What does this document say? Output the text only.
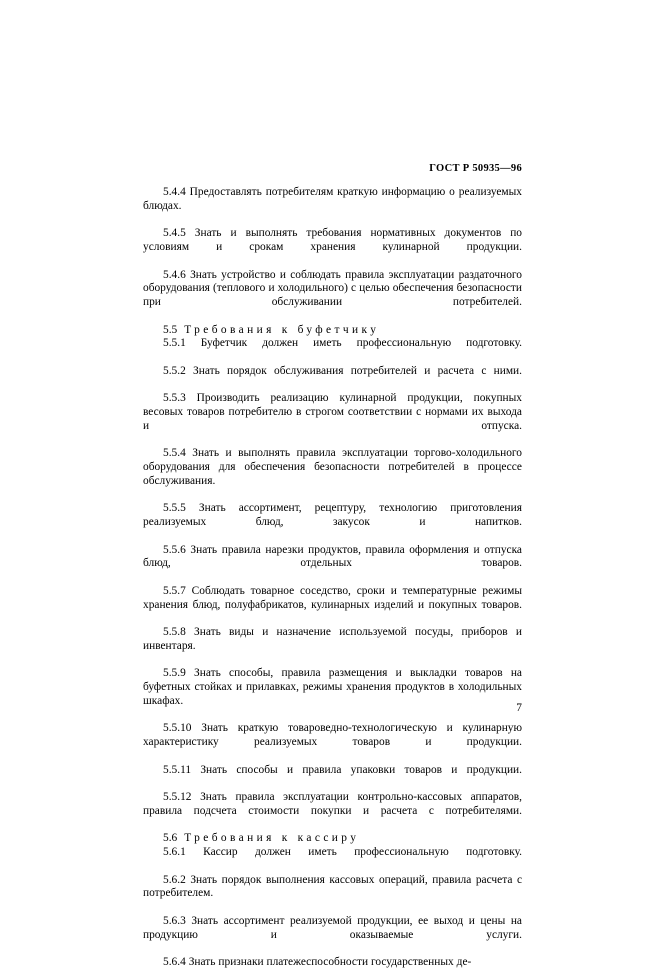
ГОСТ Р 50935—96

5.4.4 Предоставлять потребителям краткую информацию о реализуемых блюдах.

5.4.5 Знать и выполнять требования нормативных документов по условиям и срокам хранения кулинарной продукции.

5.4.6 Знать устройство и соблюдать правила эксплуатации раздаточного оборудования (теплового и холодильного) с целью обеспечения безопасности при обслуживании потребителей.

5.5 Требования к буфетчику

5.5.1 Буфетчик должен иметь профессиональную подготовку.

5.5.2 Знать порядок обслуживания потребителей и расчета с ними.

5.5.3 Производить реализацию кулинарной продукции, покупных весовых товаров потребителю в строгом соответствии с нормами их выхода и отпуска.

5.5.4 Знать и выполнять правила эксплуатации торгово-холодильного оборудования для обеспечения безопасности потребителей в процессе обслуживания.

5.5.5 Знать ассортимент, рецептуру, технологию приготовления реализуемых блюд, закусок и напитков.

5.5.6 Знать правила нарезки продуктов, правила оформления и отпуска блюд, отдельных товаров.

5.5.7 Соблюдать товарное соседство, сроки и температурные режимы хранения блюд, полуфабрикатов, кулинарных изделий и покупных товаров.

5.5.8 Знать виды и назначение используемой посуды, приборов и инвентаря.

5.5.9 Знать способы, правила размещения и выкладки товаров на буфетных стойках и прилавках, режимы хранения продуктов в холодильных шкафах.

5.5.10 Знать краткую товароведно-технологическую и кулинарную характеристику реализуемых товаров и продукции.

5.5.11 Знать способы и правила упаковки товаров и продукции.

5.5.12 Знать правила эксплуатации контрольно-кассовых аппаратов, правила подсчета стоимости покупки и расчета с потребителями.

5.6 Требования к кассиру

5.6.1 Кассир должен иметь профессиональную подготовку.

5.6.2 Знать порядок выполнения кассовых операций, правила расчета с потребителем.

5.6.3 Знать ассортимент реализуемой продукции, ее выход и цены на продукцию и оказываемые услуги.

5.6.4 Знать признаки платежеспособности государственных де-

7
